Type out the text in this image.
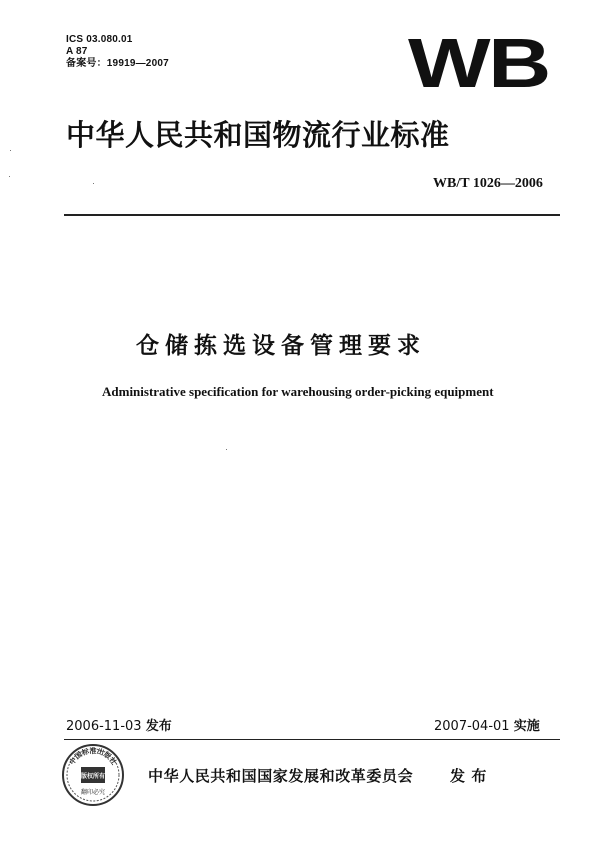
ICS 03.080.01
A 87
备案号：19919—2007	WB
中华人民共和国物流行业标准
WB/T 1026—2006
仓储拣选设备管理要求
Administrative specification for warehousing order-picking equipment
2006-11-03 发布	2007-04-01 实施
中国标准出版社
版权所有
翻印必究
中华人民共和国国家发展和改革委员会 发 布
